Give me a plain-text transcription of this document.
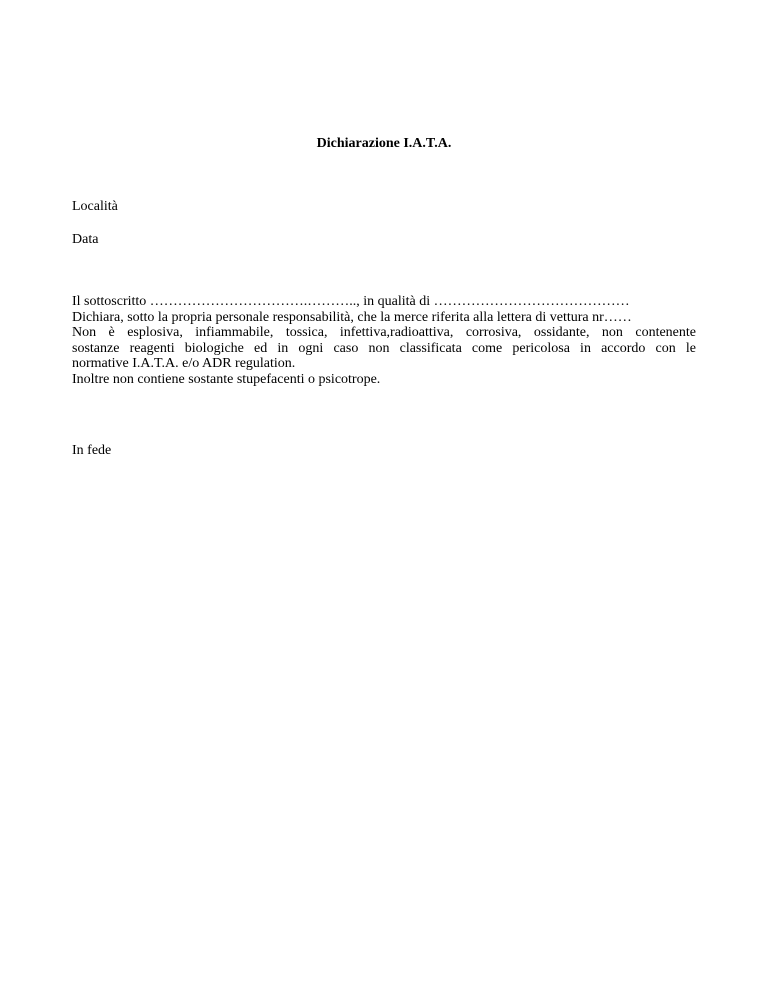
Dichiarazione I.A.T.A.
Località
Data
Il sottoscritto …………………………….……….., in qualità di ……………………………………
Dichiara, sotto la propria personale responsabilità, che la merce riferita alla lettera di vettura nr……
Non è esplosiva, infiammabile, tossica, infettiva,radioattiva, corrosiva, ossidante, non contenente
sostanze reagenti biologiche ed in ogni caso non classificata come pericolosa in accordo con le
normative I.A.T.A. e/o ADR regulation.
Inoltre non contiene sostante stupefacenti o psicotrope.
In fede
